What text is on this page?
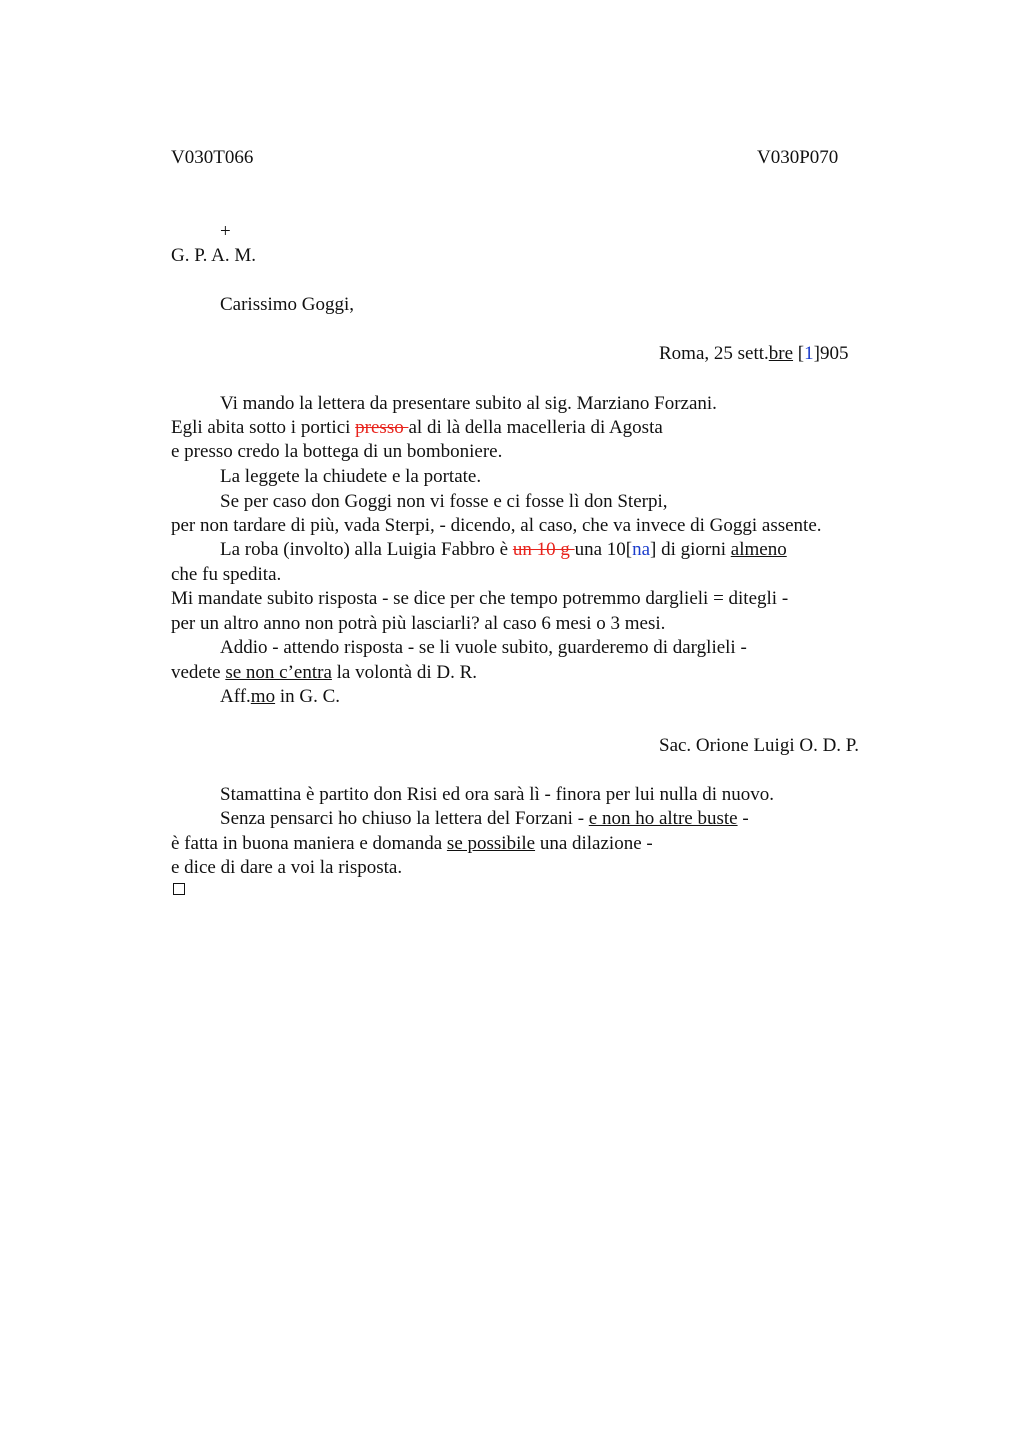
V030T066	V030P070
+
G. P. A. M.
Carissimo Goggi,
Roma, 25 sett.bre [1]905
Vi mando la lettera da presentare subito al sig. Marziano Forzani.
Egli abita sotto i portici presso al di là della macelleria di Agosta
e presso credo la bottega di un bomboniere.
La leggete la chiudete e la portate.
Se per caso don Goggi non vi fosse e ci fosse lì don Sterpi,
per non tardare di più, vada Sterpi, - dicendo, al caso, che va invece di Goggi assente.
La roba (involto) alla Luigia Fabbro è un 10 g una 10[na] di giorni almeno
che fu spedita.
Mi mandate subito risposta - se dice per che tempo potremmo darglieli = ditegli -
per un altro anno non potrà più lasciarli? al caso 6 mesi o 3 mesi.
Addio - attendo risposta - se li vuole subito, guarderemo di darglieli -
vedete se non c’entra la volontà di D. R.
Aff.mo in G. C.
Sac. Orione Luigi O. D. P.
Stamattina è partito don Risi ed ora sarà lì - finora per lui nulla di nuovo.
Senza pensarci ho chiuso la lettera del Forzani - e non ho altre buste -
è fatta in buona maniera e domanda se possibile una dilazione -
e dice di dare a voi la risposta.
